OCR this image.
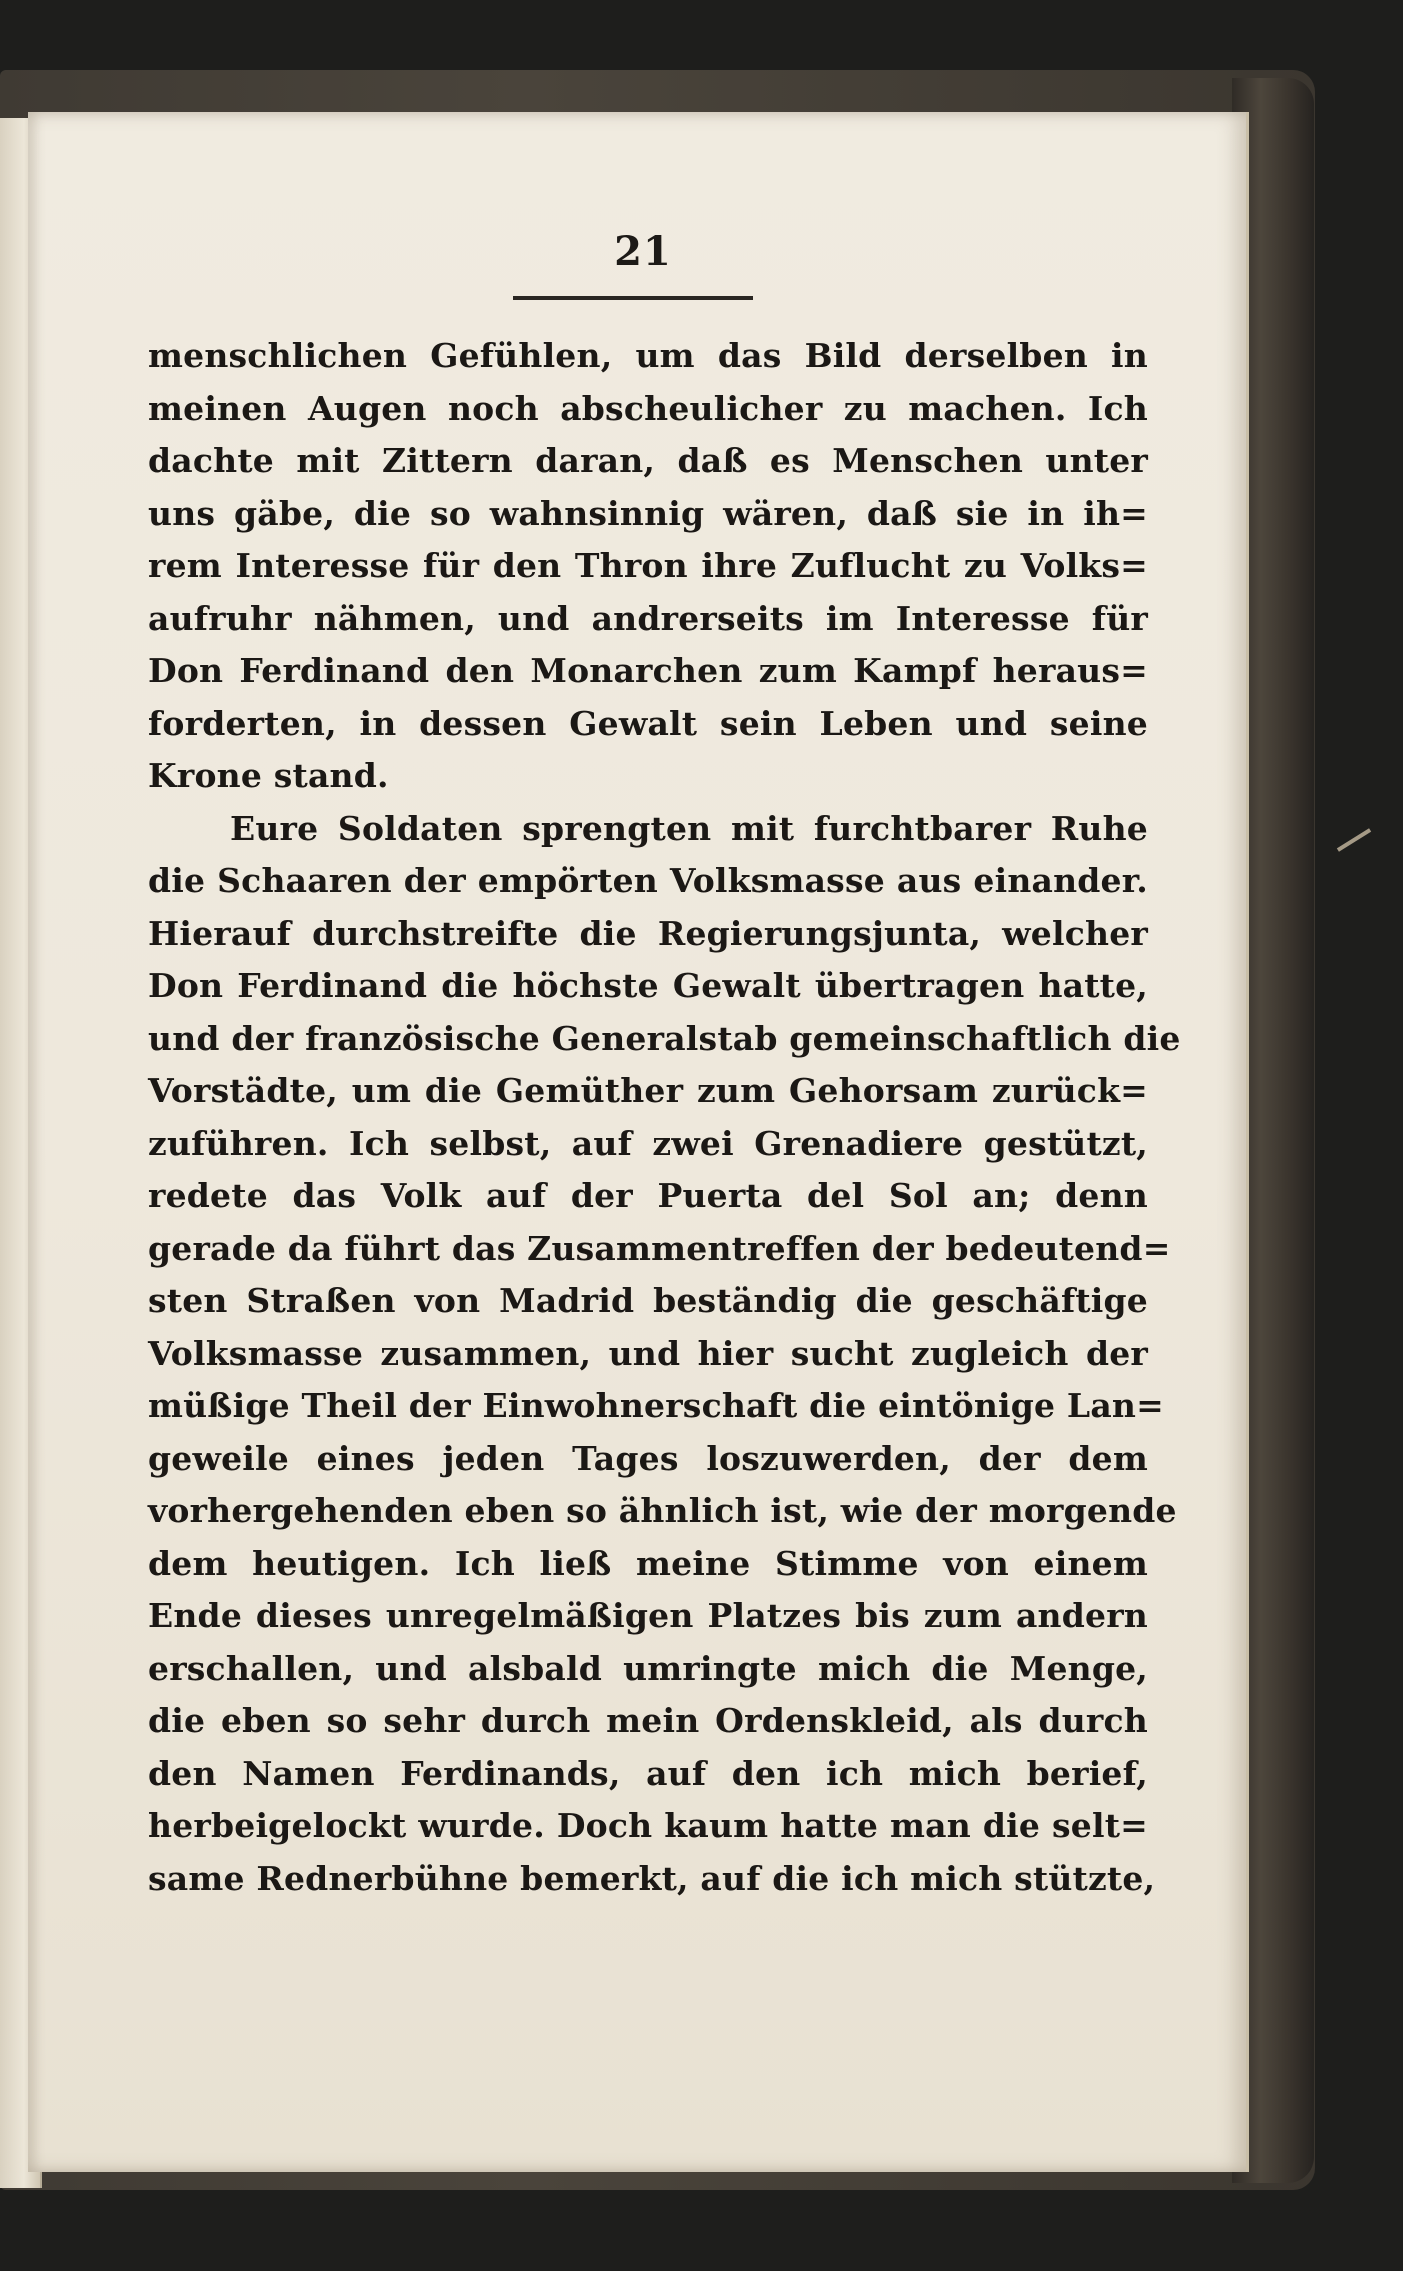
21
menschlichen Gefühlen, um das Bild derselben in
meinen Augen noch abscheulicher zu machen. Ich
dachte mit Zittern daran, daß es Menschen unter
uns gäbe, die so wahnsinnig wären, daß sie in ih=
rem Interesse für den Thron ihre Zuflucht zu Volks=
aufruhr nähmen, und andrerseits im Interesse für
Don Ferdinand den Monarchen zum Kampf heraus=
forderten, in dessen Gewalt sein Leben und seine
Krone stand.
Eure Soldaten sprengten mit furchtbarer Ruhe
die Schaaren der empörten Volksmasse aus einander.
Hierauf durchstreifte die Regierungsjunta, welcher
Don Ferdinand die höchste Gewalt übertragen hatte,
und der französische Generalstab gemeinschaftlich die
Vorstädte, um die Gemüther zum Gehorsam zurück=
zuführen. Ich selbst, auf zwei Grenadiere gestützt,
redete das Volk auf der Puerta del Sol an; denn
gerade da führt das Zusammentreffen der bedeutend=
sten Straßen von Madrid beständig die geschäftige
Volksmasse zusammen, und hier sucht zugleich der
müßige Theil der Einwohnerschaft die eintönige Lan=
geweile eines jeden Tages loszuwerden, der dem
vorhergehenden eben so ähnlich ist, wie der morgende
dem heutigen. Ich ließ meine Stimme von einem
Ende dieses unregelmäßigen Platzes bis zum andern
erschallen, und alsbald umringte mich die Menge,
die eben so sehr durch mein Ordenskleid, als durch
den Namen Ferdinands, auf den ich mich berief,
herbeigelockt wurde. Doch kaum hatte man die selt=
same Rednerbühne bemerkt, auf die ich mich stützte,
